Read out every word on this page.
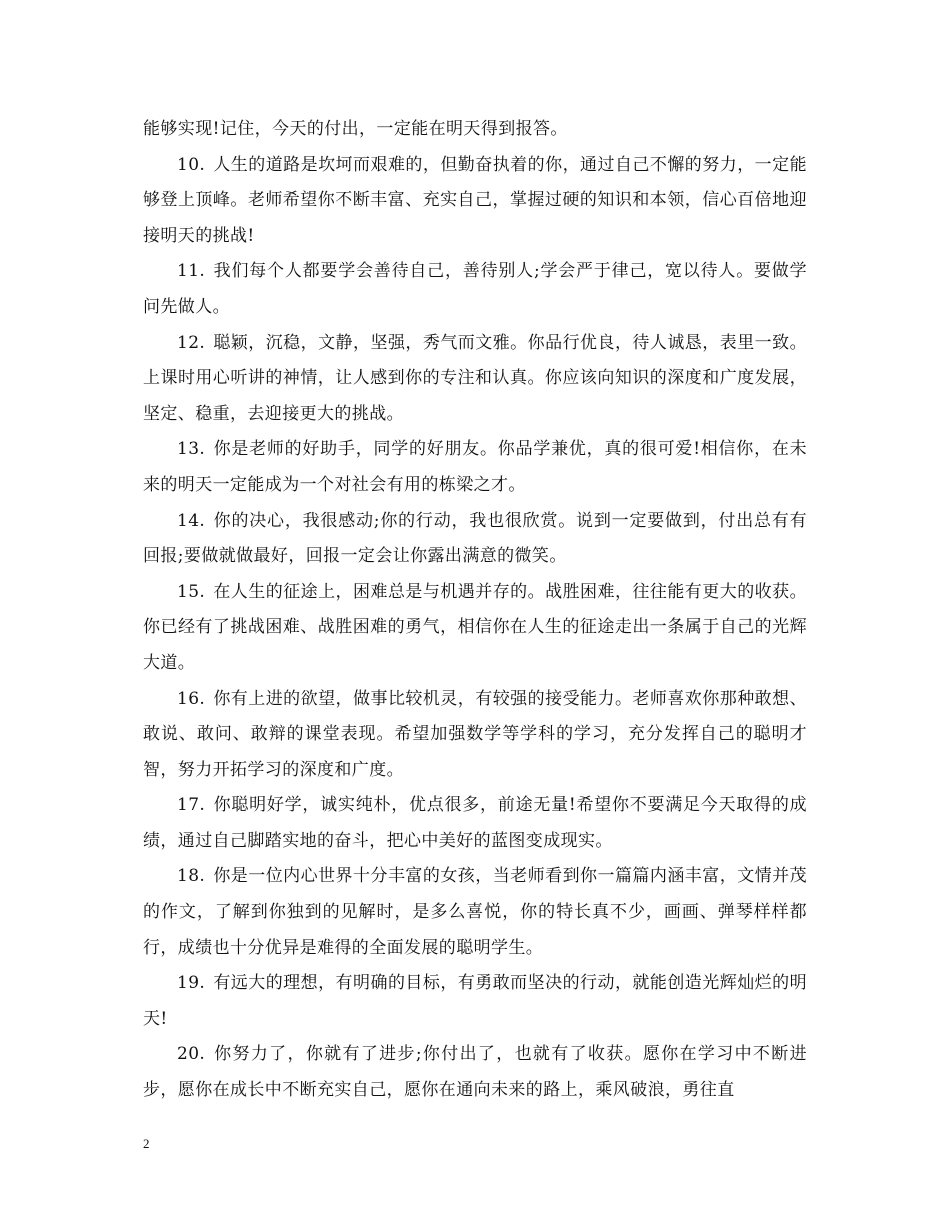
能够实现!记住，今天的付出，一定能在明天得到报答。

10. 人生的道路是坎坷而艰难的，但勤奋执着的你，通过自己不懈的努力，一定能够登上顶峰。老师希望你不断丰富、充实自己，掌握过硬的知识和本领，信心百倍地迎接明天的挑战!

11. 我们每个人都要学会善待自己，善待别人;学会严于律己，宽以待人。要做学问先做人。

12. 聪颖，沉稳，文静，坚强，秀气而文雅。你品行优良，待人诚恳，表里一致。上课时用心听讲的神情，让人感到你的专注和认真。你应该向知识的深度和广度发展，坚定、稳重，去迎接更大的挑战。

13. 你是老师的好助手，同学的好朋友。你品学兼优，真的很可爱!相信你，在未来的明天一定能成为一个对社会有用的栋梁之才。

14. 你的决心，我很感动;你的行动，我也很欣赏。说到一定要做到，付出总有有回报;要做就做最好，回报一定会让你露出满意的微笑。

15. 在人生的征途上，困难总是与机遇并存的。战胜困难，往往能有更大的收获。你已经有了挑战困难、战胜困难的勇气，相信你在人生的征途走出一条属于自己的光辉大道。

16. 你有上进的欲望，做事比较机灵，有较强的接受能力。老师喜欢你那种敢想、敢说、敢问、敢辩的课堂表现。希望加强数学等学科的学习，充分发挥自己的聪明才智，努力开拓学习的深度和广度。

17. 你聪明好学，诚实纯朴，优点很多，前途无量!希望你不要满足今天取得的成绩，通过自己脚踏实地的奋斗，把心中美好的蓝图变成现实。

18. 你是一位内心世界十分丰富的女孩，当老师看到你一篇篇内涵丰富，文情并茂的作文，了解到你独到的见解时，是多么喜悦，你的特长真不少，画画、弹琴样样都行，成绩也十分优异是难得的全面发展的聪明学生。

19. 有远大的理想，有明确的目标，有勇敢而坚决的行动，就能创造光辉灿烂的明天!

20. 你努力了，你就有了进步;你付出了，也就有了收获。愿你在学习中不断进步，愿你在成长中不断充实自己，愿你在通向未来的路上，乘风破浪，勇往直

2
